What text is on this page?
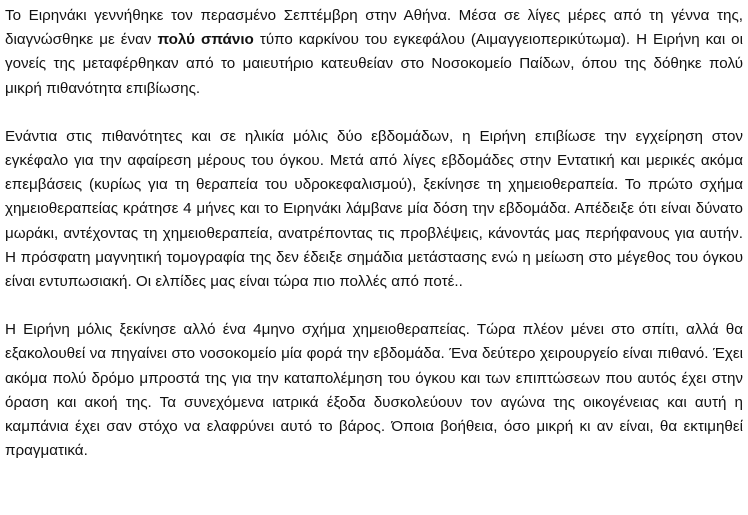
Το Ειρηνάκι γεννήθηκε τον περασμένο Σεπτέμβρη στην Αθήνα. Μέσα σε λίγες μέρες από τη γέννα της, διαγνώσθηκε με έναν πολύ σπάνιο τύπο καρκίνου του εγκεφάλου (Αιμαγγειοπερικύτωμα). Η Ειρήνη και οι γονείς της μεταφέρθηκαν από το μαιευτήριο κατευθείαν στο Νοσοκομείο Παίδων, όπου της δόθηκε πολύ μικρή πιθανότητα επιβίωσης.

Ενάντια στις πιθανότητες και σε ηλικία μόλις δύο εβδομάδων, η Ειρήνη επιβίωσε την εγχείρηση στον εγκέφαλο για την αφαίρεση μέρους του όγκου. Μετά από λίγες εβδομάδες στην Εντατική και μερικές ακόμα επεμβάσεις (κυρίως για τη θεραπεία του υδροκεφαλισμού), ξεκίνησε τη χημειοθεραπεία. Το πρώτο σχήμα χημειοθεραπείας κράτησε 4 μήνες και το Ειρηνάκι λάμβανε μία δόση την εβδομάδα. Απέδειξε ότι είναι δύνατο μωράκι, αντέχοντας τη χημειοθεραπεία, ανατρέποντας τις προβλέψεις, κάνοντάς μας περήφανους για αυτήν. Η πρόσφατη μαγνητική τομογραφία της δεν έδειξε σημάδια μετάστασης ενώ η μείωση στο μέγεθος του όγκου είναι εντυπωσιακή. Οι ελπίδες μας είναι τώρα πιο πολλές από ποτέ..

Η Ειρήνη μόλις ξεκίνησε αλλό ένα 4μηνο σχήμα χημειοθεραπείας. Τώρα πλέον μένει στο σπίτι, αλλά θα εξακολουθεί να πηγαίνει στο νοσοκομείο μία φορά την εβδομάδα. Ένα δεύτερο χειρουργείο είναι πιθανό. Έχει ακόμα πολύ δρόμο μπροστά της για την καταπολέμηση του όγκου και των επιπτώσεων που αυτός έχει στην όραση και ακοή της. Τα συνεχόμενα ιατρικά έξοδα δυσκολεύουν τον αγώνα της οικογένειας και αυτή η καμπάνια έχει σαν στόχο να ελαφρύνει αυτό το βάρος. Όποια βοήθεια, όσο μικρή κι αν είναι, θα εκτιμηθεί πραγματικά.
